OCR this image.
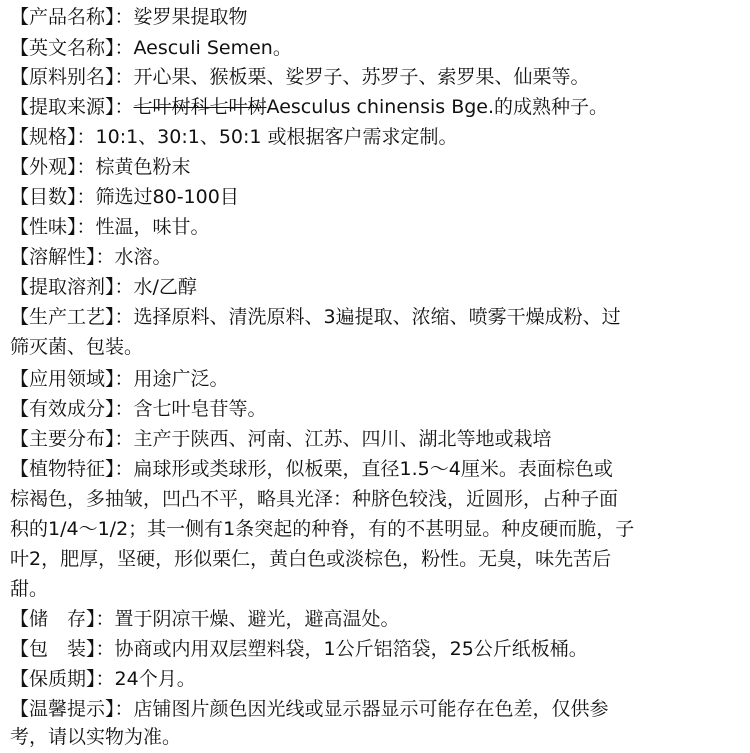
【产品名称】：娑罗果提取物
【英文名称】：Aesculi Semen。
【原料别名】：开心果、猴板栗、娑罗子、苏罗子、索罗果、仙栗等。
【提取来源】：七叶树科七叶树Aesculus chinensis Bge.的成熟种子。
【规格】：10:1、30:1、50:1 或根据客户需求定制。
【外观】：棕黄色粉末
【目数】：筛选过80-100目
【性味】：性温，味甘。
【溶解性】：水溶。
【提取溶剂】：水/乙醇
【生产工艺】：选择原料、清洗原料、3遍提取、浓缩、喷雾干燥成粉、过
筛灭菌、包装。
【应用领域】：用途广泛。
【有效成分】：含七叶皂苷等。
【主要分布】：主产于陕西、河南、江苏、四川、湖北等地或栽培
【植物特征】：扁球形或类球形，似板栗，直径1.5～4厘米。表面棕色或
棕褐色，多抽皱，凹凸不平，略具光泽：种脐色较浅，近圆形，占种子面
积的1/4～1/2；其一侧有1条突起的种脊，有的不甚明显。种皮硬而脆，子
叶2，肥厚，坚硬，形似栗仁，黄白色或淡棕色，粉性。无臭，味先苦后
甜。
【储　存】：置于阴凉干燥、避光，避高温处。
【包　装】：协商或内用双层塑料袋，1公斤铝箔袋，25公斤纸板桶。
【保质期】：24个月。
【温馨提示】：店铺图片颜色因光线或显示器显示可能存在色差，仅供参
考，请以实物为准。
